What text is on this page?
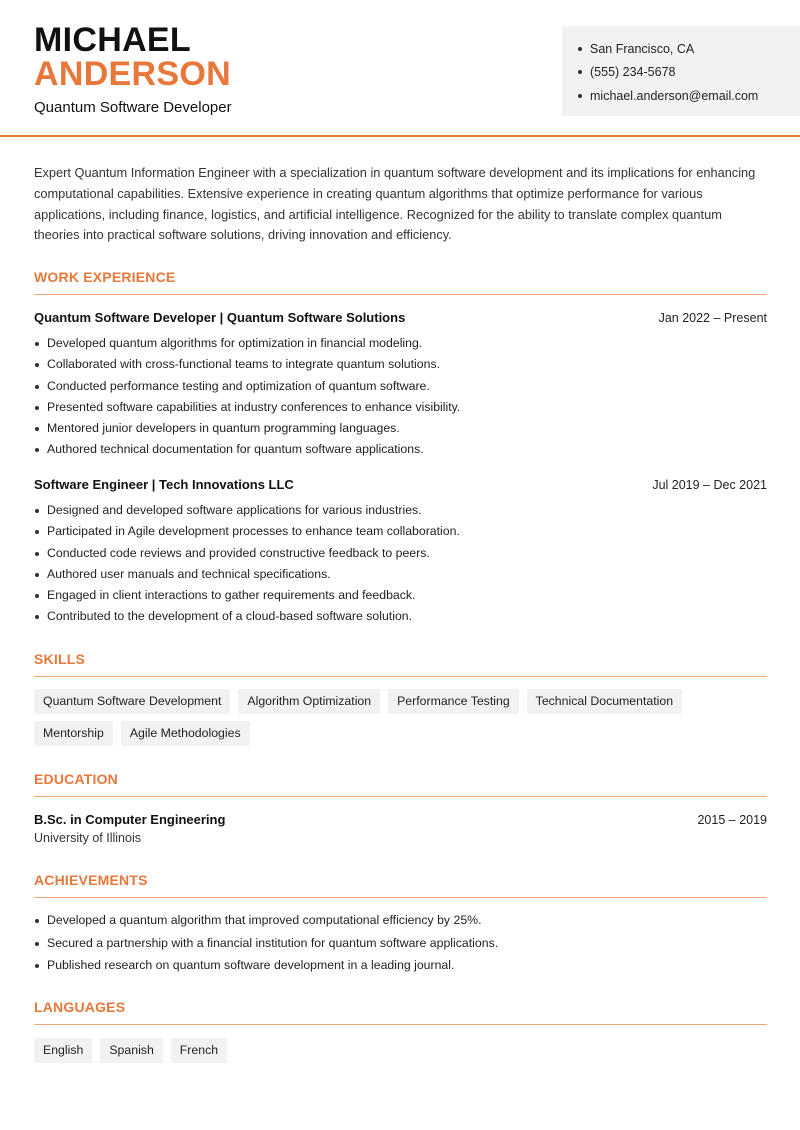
MICHAEL
ANDERSON
Quantum Software Developer
San Francisco, CA
(555) 234-5678
michael.anderson@email.com

Expert Quantum Information Engineer with a specialization in quantum software development and its implications for enhancing computational capabilities. Extensive experience in creating quantum algorithms that optimize performance for various applications, including finance, logistics, and artificial intelligence. Recognized for the ability to translate complex quantum theories into practical software solutions, driving innovation and efficiency.

WORK EXPERIENCE
Quantum Software Developer | Quantum Software Solutions	Jan 2022 – Present
Developed quantum algorithms for optimization in financial modeling.
Collaborated with cross-functional teams to integrate quantum solutions.
Conducted performance testing and optimization of quantum software.
Presented software capabilities at industry conferences to enhance visibility.
Mentored junior developers in quantum programming languages.
Authored technical documentation for quantum software applications.
Software Engineer | Tech Innovations LLC	Jul 2019 – Dec 2021
Designed and developed software applications for various industries.
Participated in Agile development processes to enhance team collaboration.
Conducted code reviews and provided constructive feedback to peers.
Authored user manuals and technical specifications.
Engaged in client interactions to gather requirements and feedback.
Contributed to the development of a cloud-based software solution.
SKILLS
Quantum Software Development	Algorithm Optimization	Performance Testing	Technical Documentation
Mentorship	Agile Methodologies
EDUCATION
B.Sc. in Computer Engineering	2015 – 2019
University of Illinois
ACHIEVEMENTS
Developed a quantum algorithm that improved computational efficiency by 25%.
Secured a partnership with a financial institution for quantum software applications.
Published research on quantum software development in a leading journal.
LANGUAGES
English	Spanish	French
